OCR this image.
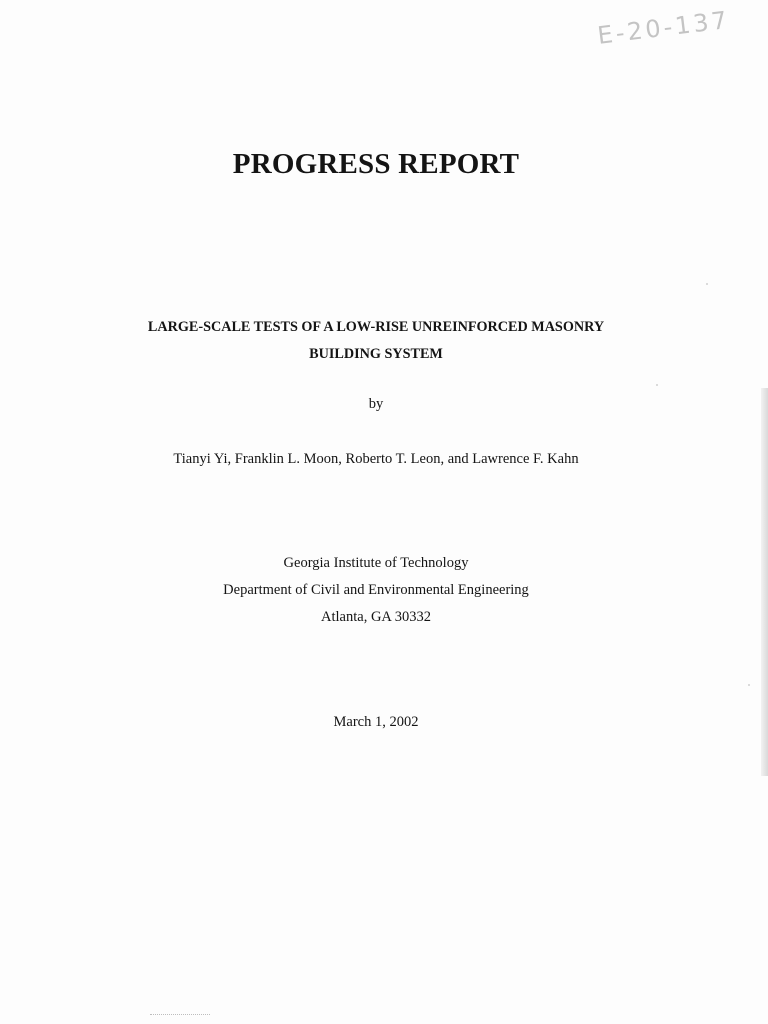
E-20-137
PROGRESS REPORT
LARGE-SCALE TESTS OF A LOW-RISE UNREINFORCED MASONRY
BUILDING SYSTEM
by
Tianyi Yi, Franklin L. Moon, Roberto T. Leon, and Lawrence F. Kahn
Georgia Institute of Technology
Department of Civil and Environmental Engineering
Atlanta, GA 30332
March 1, 2002
